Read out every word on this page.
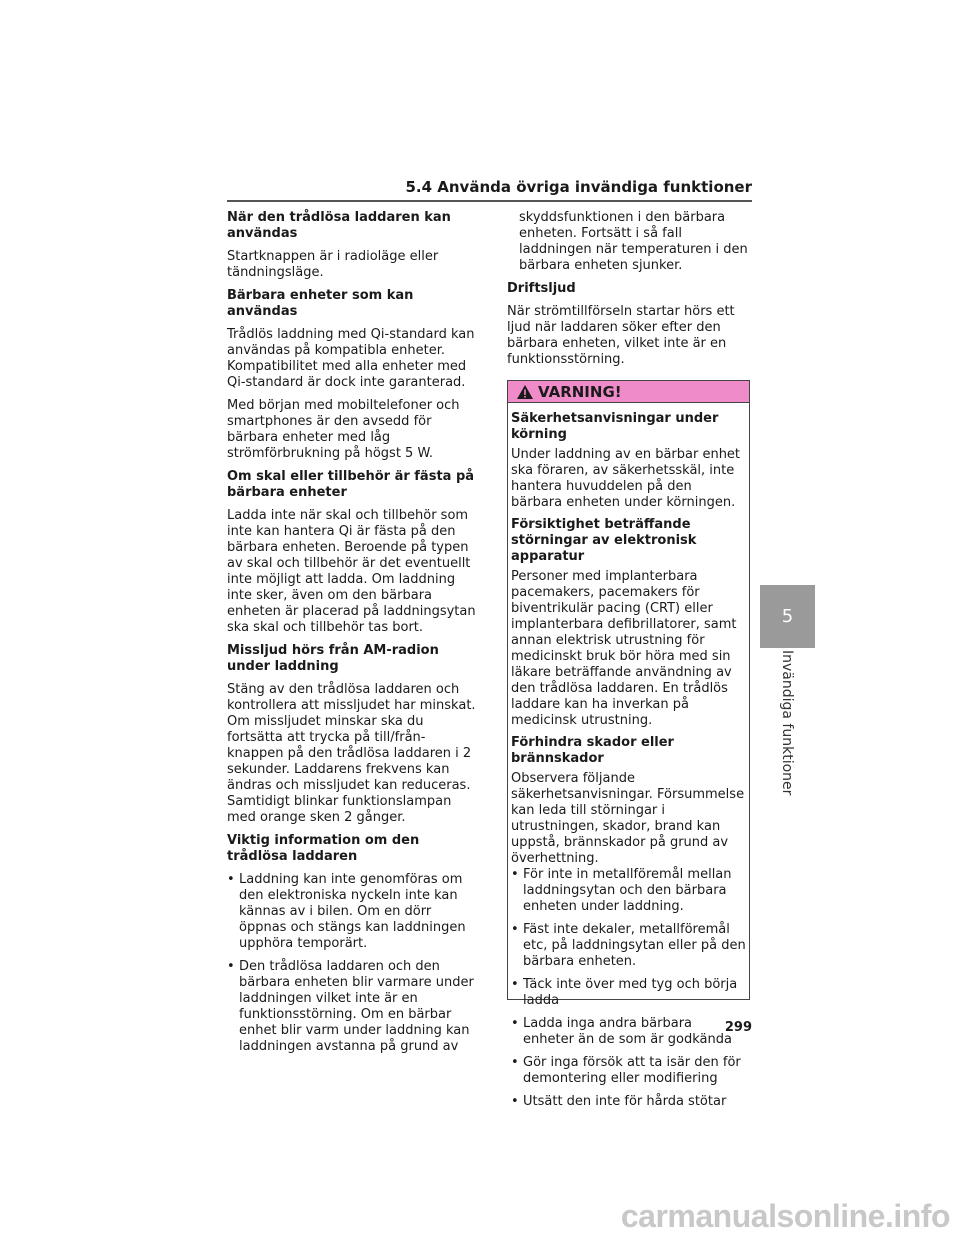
5.4 Använda övriga invändiga funktioner
När den trådlösa laddaren kan användas

Startknappen är i radioläge eller tändningsläge.

Bärbara enheter som kan användas

Trådlös laddning med Qi-standard kan användas på kompatibla enheter. Kompatibilitet med alla enheter med Qi-standard är dock inte garanterad.

Med början med mobiltelefoner och smartphones är den avsedd för bärbara enheter med låg strömförbrukning på högst 5 W.

Om skal eller tillbehör är fästa på bärbara enheter

Ladda inte när skal och tillbehör som inte kan hantera Qi är fästa på den bärbara enheten. Beroende på typen av skal och tillbehör är det eventuellt inte möjligt att ladda. Om laddning inte sker, även om den bärbara enheten är placerad på laddningsytan ska skal och tillbehör tas bort.

Missljud hörs från AM-radion under laddning

Stäng av den trådlösa laddaren och kontrollera att missljudet har minskat. Om missljudet minskar ska du fortsätta att trycka på till/från-knappen på den trådlösa laddaren i 2 sekunder. Laddarens frekvens kan ändras och missljudet kan reduceras. Samtidigt blinkar funktionslampan med orange sken 2 gånger.

Viktig information om den trådlösa laddaren
• Laddning kan inte genomföras om den elektroniska nyckeln inte kan kännas av i bilen. Om en dörr öppnas och stängs kan laddningen upphöra temporärt.
• Den trådlösa laddaren och den bärbara enheten blir varmare under laddningen vilket inte är en funktionsstörning. Om en bärbar enhet blir varm under laddning kan laddningen avstanna på grund av
skyddsfunktionen i den bärbara enheten. Fortsätt i så fall laddningen när temperaturen i den bärbara enheten sjunker.
Driftsljud

När strömtillförseln startar hörs ett ljud när laddaren söker efter den bärbara enheten, vilket inte är en funktionsstörning.

VARNING!
Säkerhetsanvisningar under körning

Under laddning av en bärbar enhet ska föraren, av säkerhetsskäl, inte hantera huvuddelen på den bärbara enheten under körningen.

Försiktighet beträffande störningar av elektronisk apparatur

Personer med implanterbara pacemakers, pacemakers för biventrikulär pacing (CRT) eller implanterbara defibrillatorer, samt annan elektrisk utrustning för medicinskt bruk bör höra med sin läkare beträffande användning av den trådlösa laddaren. En trådlös laddare kan ha inverkan på medicinsk utrustning.

Förhindra skador eller brännskador

Observera följande säkerhetsanvisningar. Försummelse kan leda till störningar i utrustningen, skador, brand kan uppstå, brännskador på grund av överhettning.

• För inte in metallföremål mellan laddningsytan och den bärbara enheten under laddning.
• Fäst inte dekaler, metallföremål etc, på laddningsytan eller på den bärbara enheten.
• Täck inte över med tyg och börja ladda
• Ladda inga andra bärbara enheter än de som är godkända
• Gör inga försök att ta isär den för demontering eller modifiering
• Utsätt den inte för hårda stötar
5
Invändiga funktioner
299
carmanualsonline.info
